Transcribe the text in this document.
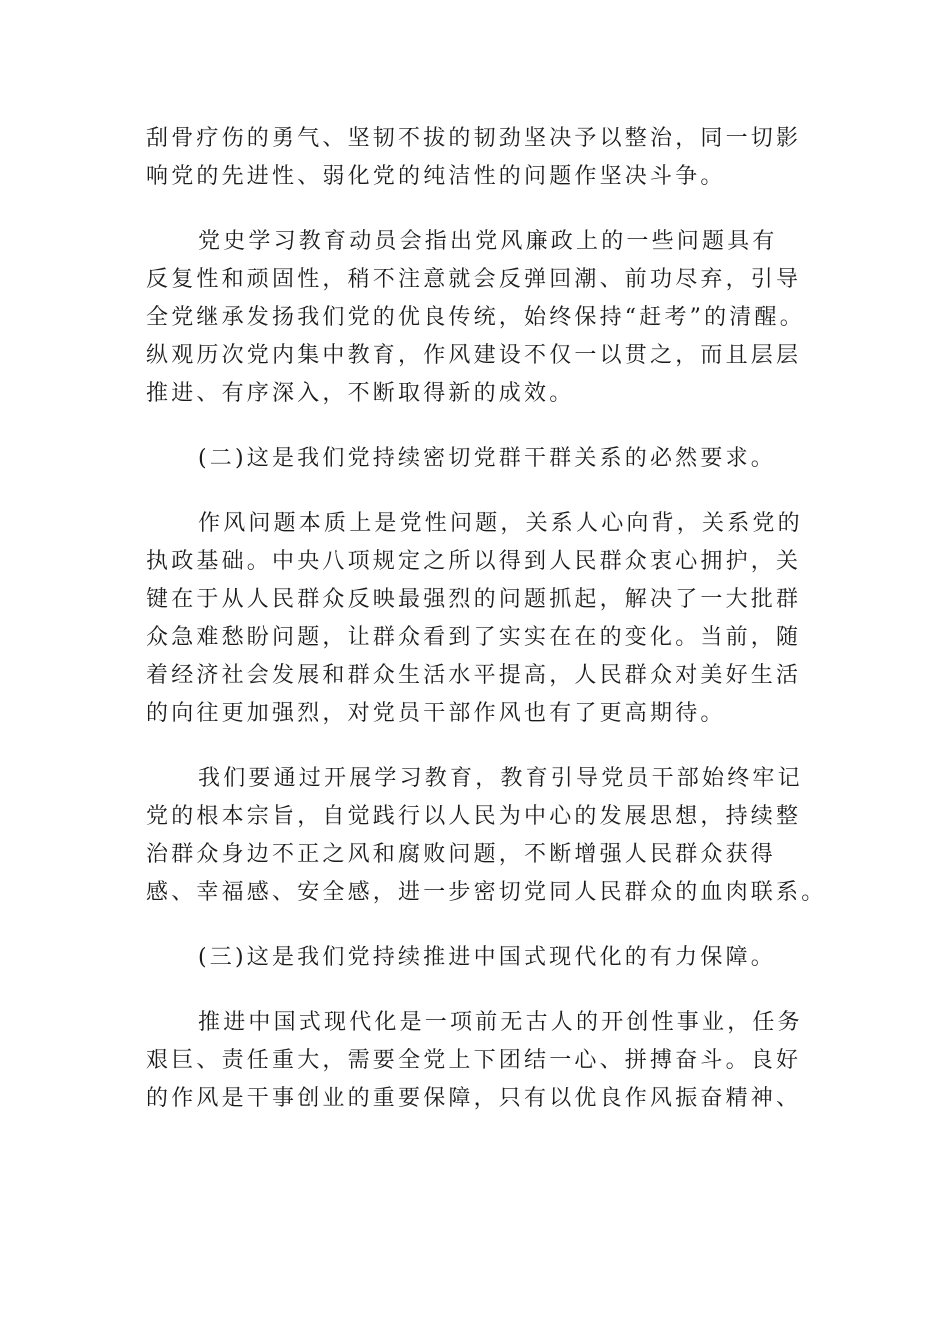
刮骨疗伤的勇气、坚韧不拔的韧劲坚决予以整治，同一切影
响党的先进性、弱化党的纯洁性的问题作坚决斗争。
党史学习教育动员会指出党风廉政上的一些问题具有
反复性和顽固性，稍不注意就会反弹回潮、前功尽弃，引导
全党继承发扬我们党的优良传统，始终保持“赶考”的清醒。
纵观历次党内集中教育，作风建设不仅一以贯之，而且层层
推进、有序深入，不断取得新的成效。
(二)这是我们党持续密切党群干群关系的必然要求。
作风问题本质上是党性问题，关系人心向背，关系党的
执政基础。中央八项规定之所以得到人民群众衷心拥护，关
键在于从人民群众反映最强烈的问题抓起，解决了一大批群
众急难愁盼问题，让群众看到了实实在在的变化。当前，随
着经济社会发展和群众生活水平提高，人民群众对美好生活
的向往更加强烈，对党员干部作风也有了更高期待。
我们要通过开展学习教育，教育引导党员干部始终牢记
党的根本宗旨，自觉践行以人民为中心的发展思想，持续整
治群众身边不正之风和腐败问题，不断增强人民群众获得
感、幸福感、安全感，进一步密切党同人民群众的血肉联系。
(三)这是我们党持续推进中国式现代化的有力保障。
推进中国式现代化是一项前无古人的开创性事业，任务
艰巨、责任重大，需要全党上下团结一心、拼搏奋斗。良好
的作风是干事创业的重要保障，只有以优良作风振奋精神、
